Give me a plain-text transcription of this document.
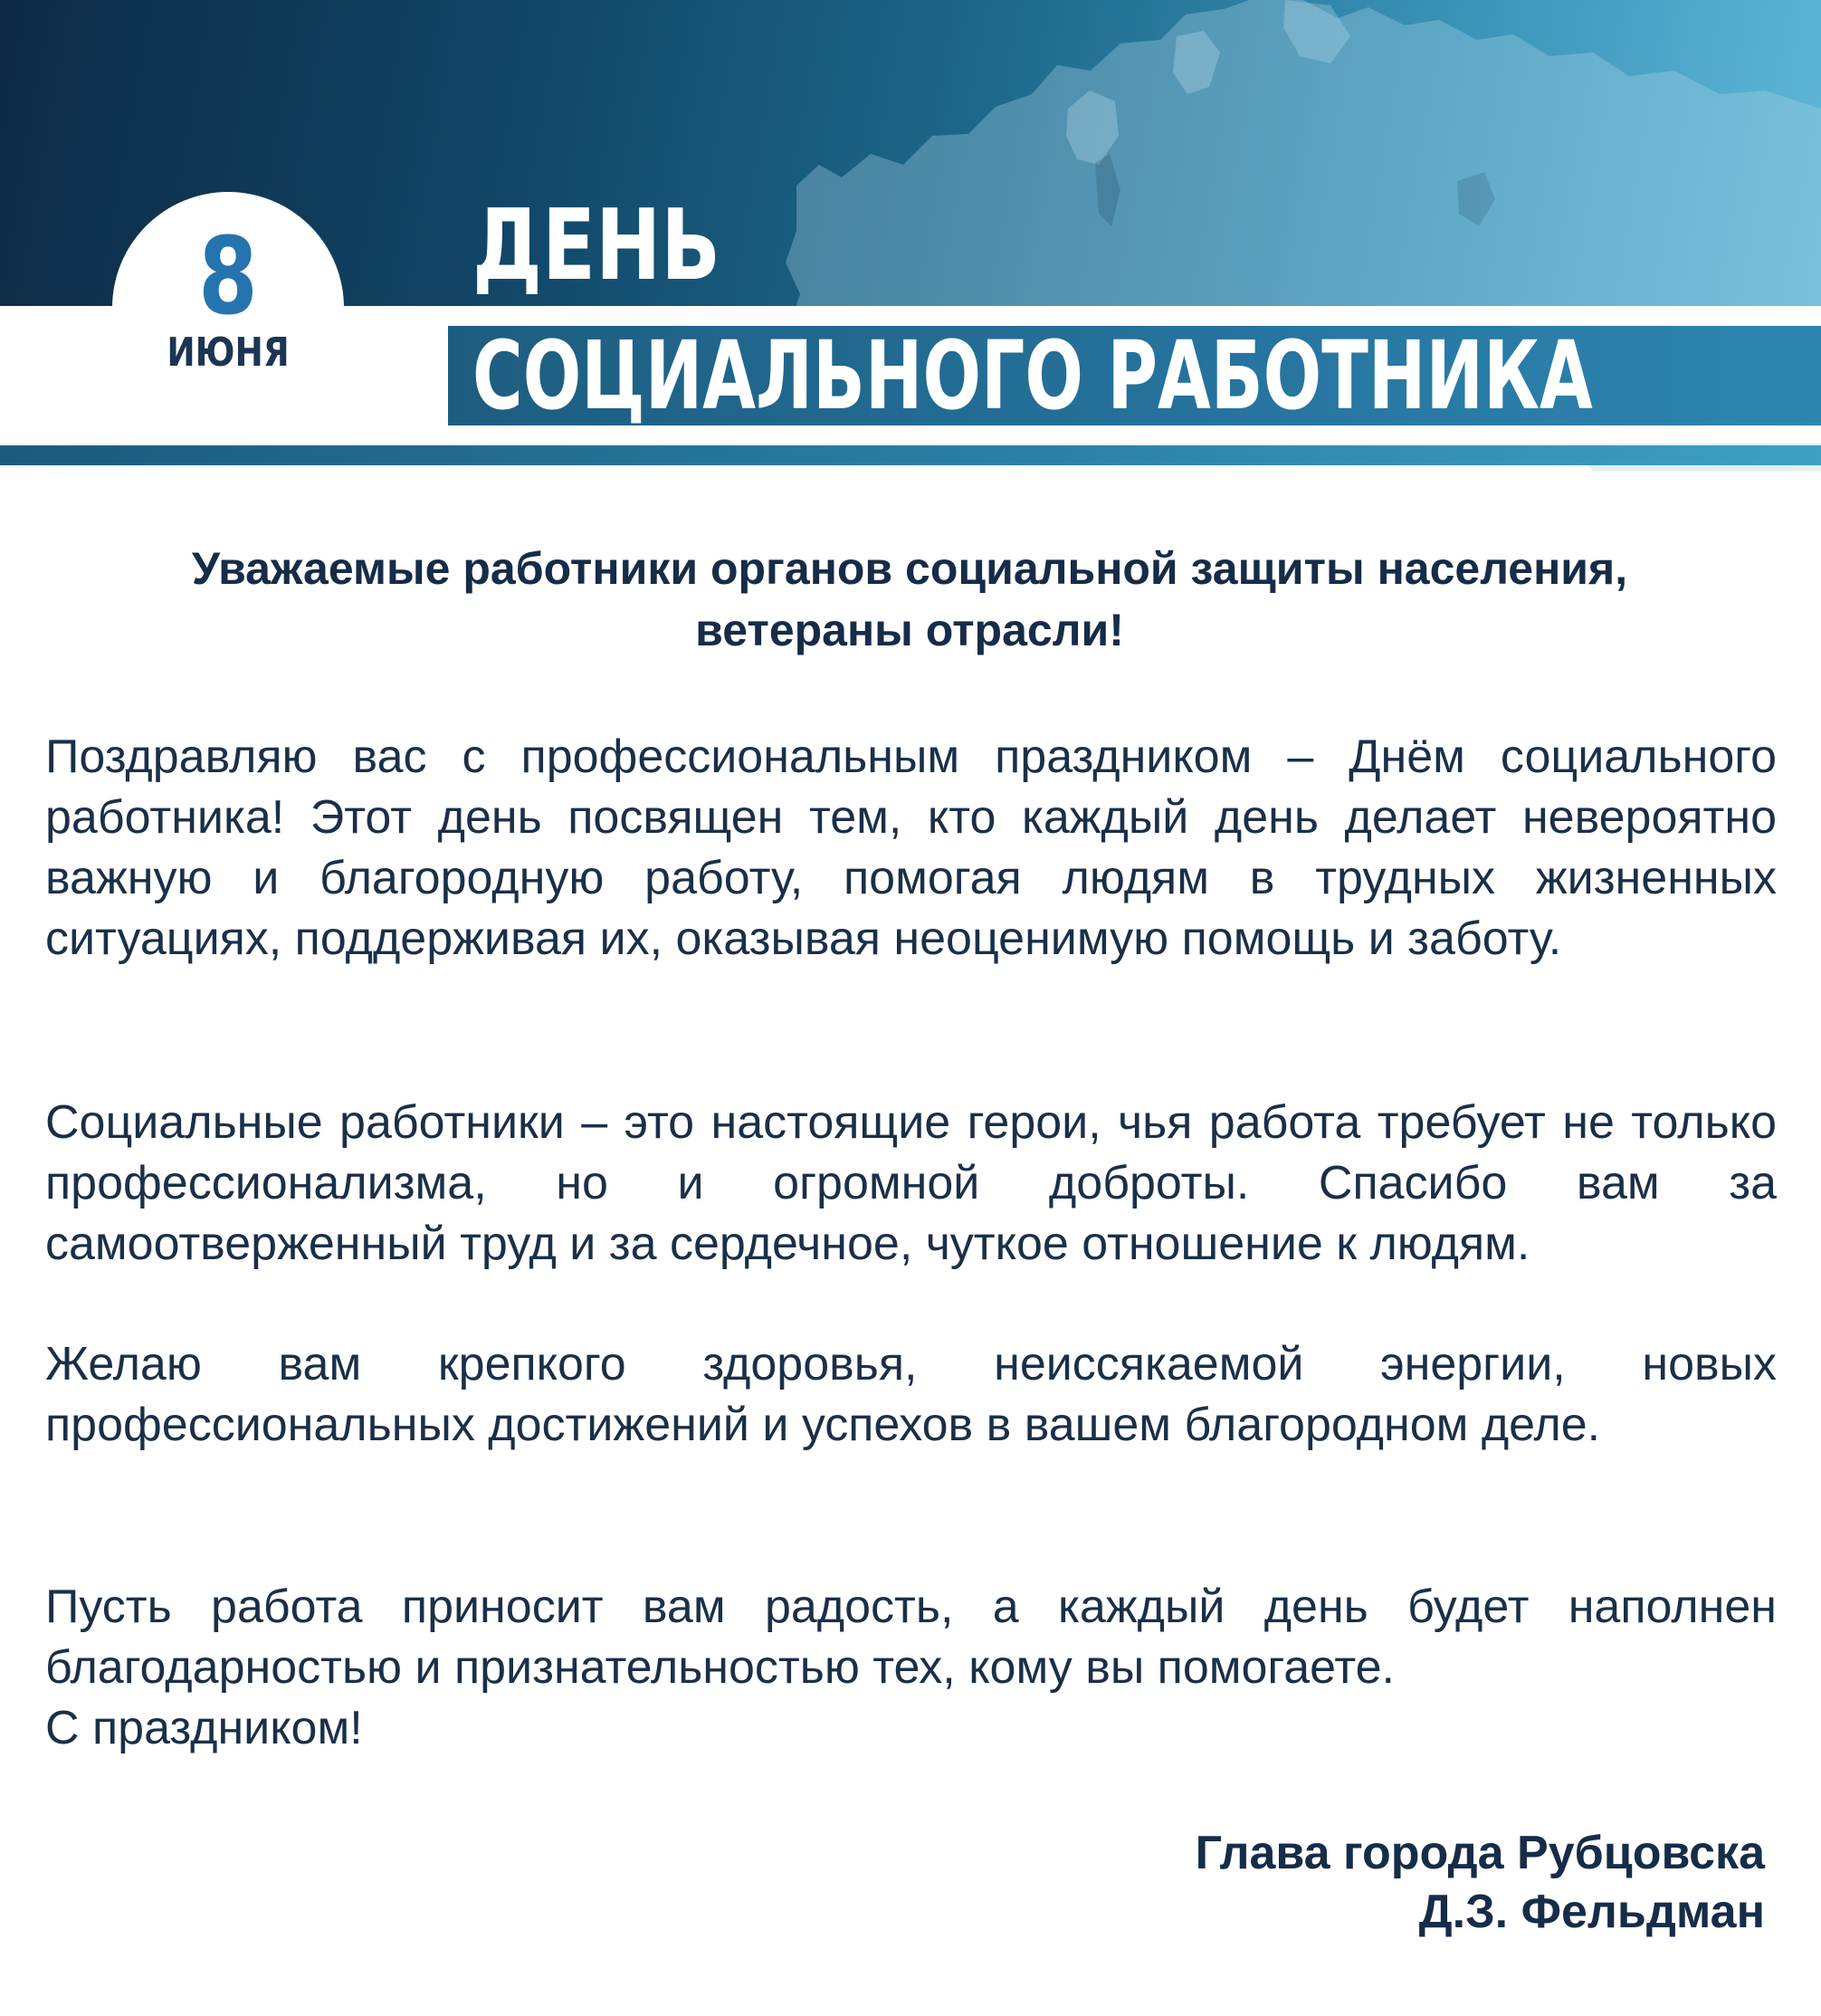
8
ИЮНЯ
ДЕНЬ
СОЦИАЛЬНОГО РАБОТНИКА
Уважаемые работники органов социальной защиты населения,
ветераны отрасли!
Поздравляю вас с профессиональным праздником – Днём социального работника! Этот день посвящен тем, кто каждый день делает невероятно важную и благородную работу, помогая людям в трудных жизненных ситуациях, поддерживая их, оказывая неоценимую помощь и заботу.
Социальные работники – это настоящие герои, чья работа требует не только профессионализма, но и огромной доброты. Спасибо вам за самоотверженный труд и за сердечное, чуткое отношение к людям.
Желаю вам крепкого здоровья, неиссякаемой энергии, новых профессиональных достижений и успехов в вашем благородном деле.
Пусть работа приносит вам радость, а каждый день будет наполнен благодарностью и признательностью тех, кому вы помогаете.
С праздником!
Глава города Рубцовска
Д.З. Фельдман
